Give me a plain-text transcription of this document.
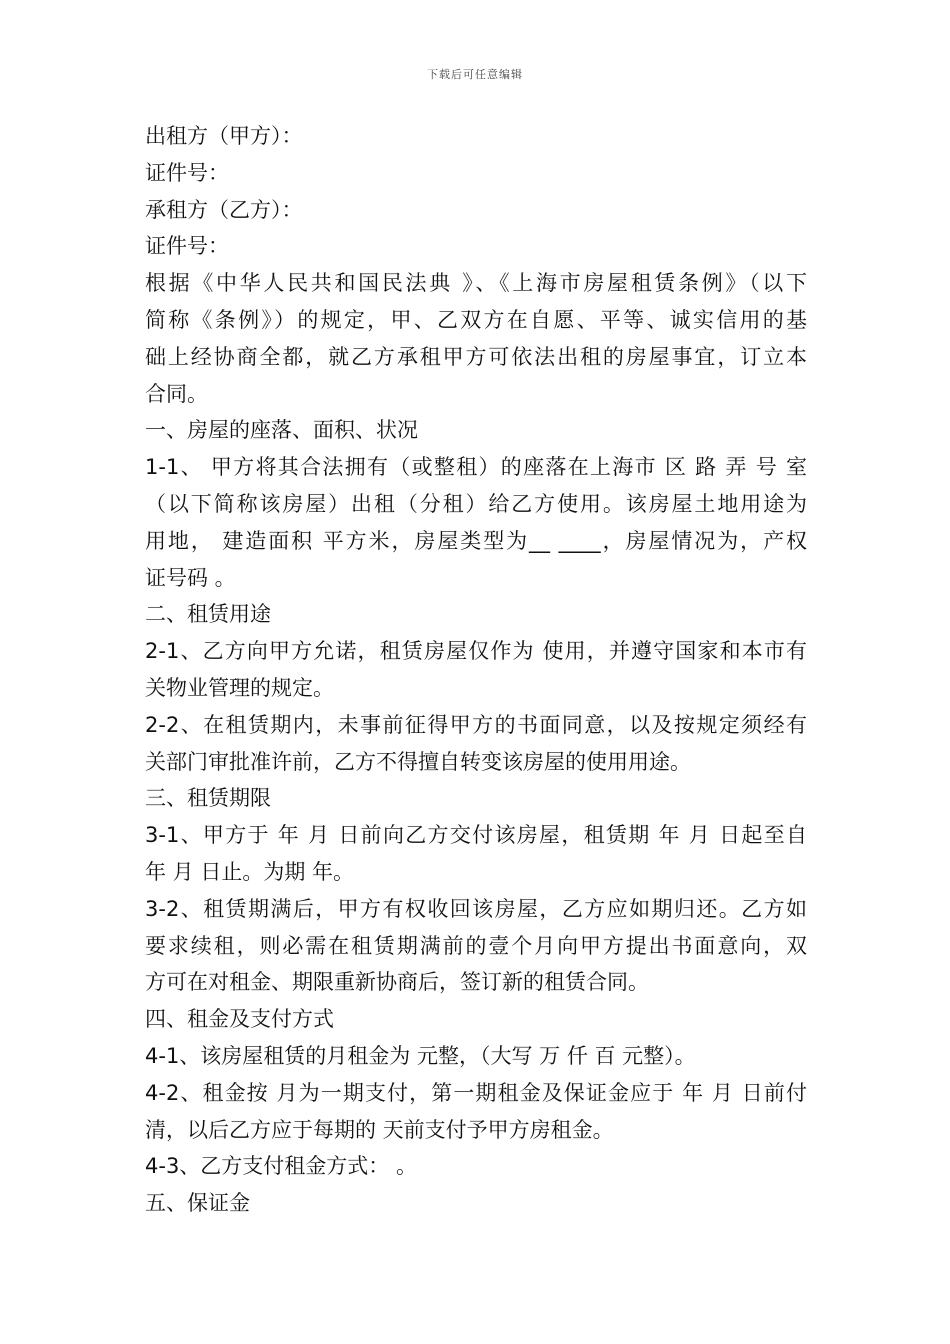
下载后可任意编辑
出租方（甲方）：
证件号：
承租方（乙方）：
证件号：
根据《中华人民共和国民法典 》、《上海市房屋租赁条例》（以下
简称《条例》）的规定，甲、乙双方在自愿、平等、诚实信用的基
础上经协商全都，就乙方承租甲方可依法出租的房屋事宜，订立本
合同。
一、房屋的座落、面积、状况
1-1、 甲方将其合法拥有（或整租）的座落在上海市 区 路 弄 号 室
（以下简称该房屋）出租（分租）给乙方使用。该房屋土地用途为
用地， 建造面积 平方米，房屋类型为__ ____，房屋情况为，产权
证号码 。
二、租赁用途
2-1、乙方向甲方允诺，租赁房屋仅作为 使用，并遵守国家和本市有
关物业管理的规定。
2-2、在租赁期内，未事前征得甲方的书面同意，以及按规定须经有
关部门审批准许前，乙方不得擅自转变该房屋的使用用途。
三、租赁期限
3-1、甲方于 年 月 日前向乙方交付该房屋，租赁期 年 月 日起至自
年 月 日止。为期 年。
3-2、租赁期满后，甲方有权收回该房屋，乙方应如期归还。乙方如
要求续租，则必需在租赁期满前的壹个月向甲方提出书面意向，双
方可在对租金、期限重新协商后，签订新的租赁合同。
四、租金及支付方式
4-1、该房屋租赁的月租金为 元整，（大写 万 仟 百 元整）。
4-2、租金按 月为一期支付，第一期租金及保证金应于 年 月 日前付
清，以后乙方应于每期的 天前支付予甲方房租金。
4-3、乙方支付租金方式： 。
五、保证金
